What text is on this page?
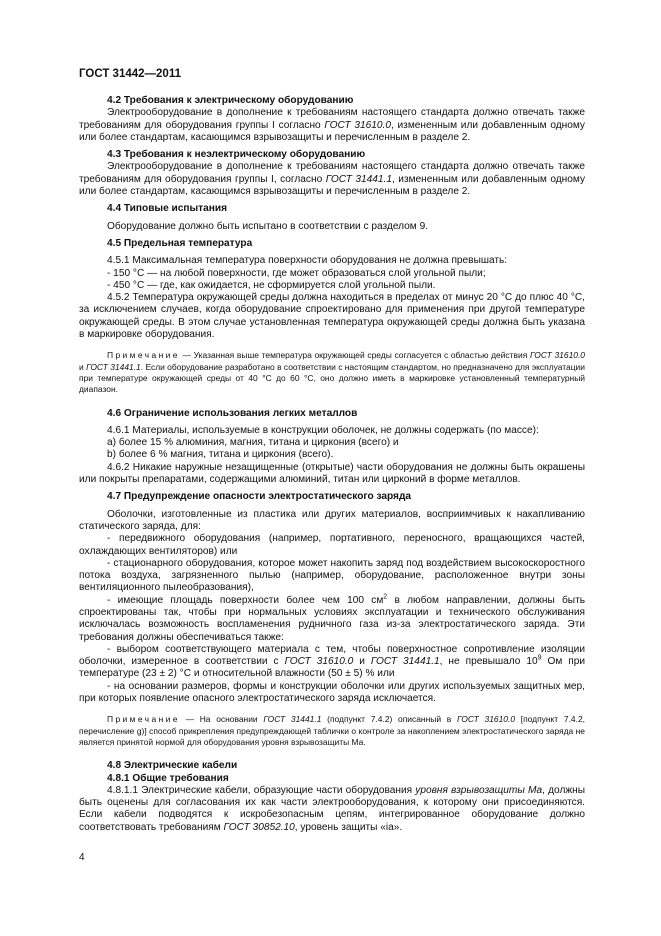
ГОСТ 31442—2011
4.2 Требования к электрическому оборудованию
Электрооборудование в дополнение к требованиям настоящего стандарта должно отвечать также требованиям для оборудования группы I согласно ГОСТ 31610.0, измененным или добавленным одному или более стандартам, касающимся взрывозащиты и перечисленным в разделе 2.
4.3 Требования к неэлектрическому оборудованию
Электрооборудование в дополнение к требованиям настоящего стандарта должно отвечать также требованиям для оборудования группы I, согласно ГОСТ 31441.1, измененным или добавленным одному или более стандартам, касающимся взрывозащиты и перечисленным в разделе 2.
4.4 Типовые испытания
Оборудование должно быть испытано в соответствии с разделом 9.
4.5 Предельная температура
4.5.1 Максимальная температура поверхности оборудования не должна превышать:
- 150 °С — на любой поверхности, где может образоваться слой угольной пыли;
- 450 °С — где, как ожидается, не сформируется слой угольной пыли.
4.5.2 Температура окружающей среды должна находиться в пределах от минус 20 °С до плюс 40 °С, за исключением случаев, когда оборудование спроектировано для применения при другой температуре окружающей среды. В этом случае установленная температура окружающей среды должна быть указана в маркировке оборудования.
Примечание — Указанная выше температура окружающей среды согласуется с областью действия ГОСТ 31610.0 и ГОСТ 31441.1. Если оборудование разработано в соответствии с настоящим стандартом, но предназначено для эксплуатации при температуре окружающей среды от 40 °С до 60 °С, оно должно иметь в маркировке установленный температурный диапазон.
4.6 Ограничение использования легких металлов
4.6.1 Материалы, используемые в конструкции оболочек, не должны содержать (по массе):
а) более 15 % алюминия, магния, титана и циркония (всего) и
b) более 6 % магния, титана и циркония (всего).
4.6.2 Никакие наружные незащищенные (открытые) части оборудования не должны быть окрашены или покрыты препаратами, содержащими алюминий, титан или цирконий в форме металлов.
4.7 Предупреждение опасности электростатического заряда
Оболочки, изготовленные из пластика или других материалов, восприимчивых к накапливанию статического заряда, для:
- передвижного оборудования (например, портативного, переносного, вращающихся частей, охлаждающих вентиляторов) или
- стационарного оборудования, которое может накопить заряд под воздействием высокоскоростного потока воздуха, загрязненного пылью (например, оборудование, расположенное внутри зоны вентиляционного пылеобразования),
- имеющие площадь поверхности более чем 100 $см^2$ в любом направлении, должны быть спроектированы так, чтобы при нормальных условиях эксплуатации и технического обслуживания исключалась возможность воспламенения рудничного газа из-за электростатического заряда. Эти требования должны обеспечиваться также:
- выбором соответствующего материала с тем, чтобы поверхностное сопротивление изоляции оболочки, измеренное в соответствии с ГОСТ 31610.0 и ГОСТ 31441.1, не превышало $10^9$ Ом при температуре (23 ± 2) °С и относительной влажности (50 ± 5) % или
- на основании размеров, формы и конструкции оболочки или других используемых защитных мер, при которых появление опасного электростатического заряда исключается.
Примечание — На основании ГОСТ 31441.1 (подпункт 7.4.2) описанный в ГОСТ 31610.0 [подпункт 7.4.2, перечисление g)] способ прикрепления предупреждающей таблички о контроле за накоплением электростатического заряда не является принятой нормой для оборудования уровня взрывозащиты Ма.
4.8 Электрические кабели
4.8.1 Общие требования
4.8.1.1 Электрические кабели, образующие части оборудования уровня взрывозащиты Ма, должны быть оценены для согласования их как части электрооборудования, к которому они присоединяются. Если кабели подводятся к искробезопасным цепям, интегрированное оборудование должно соответствовать требованиям ГОСТ 30852.10, уровень защиты «ia».
4
